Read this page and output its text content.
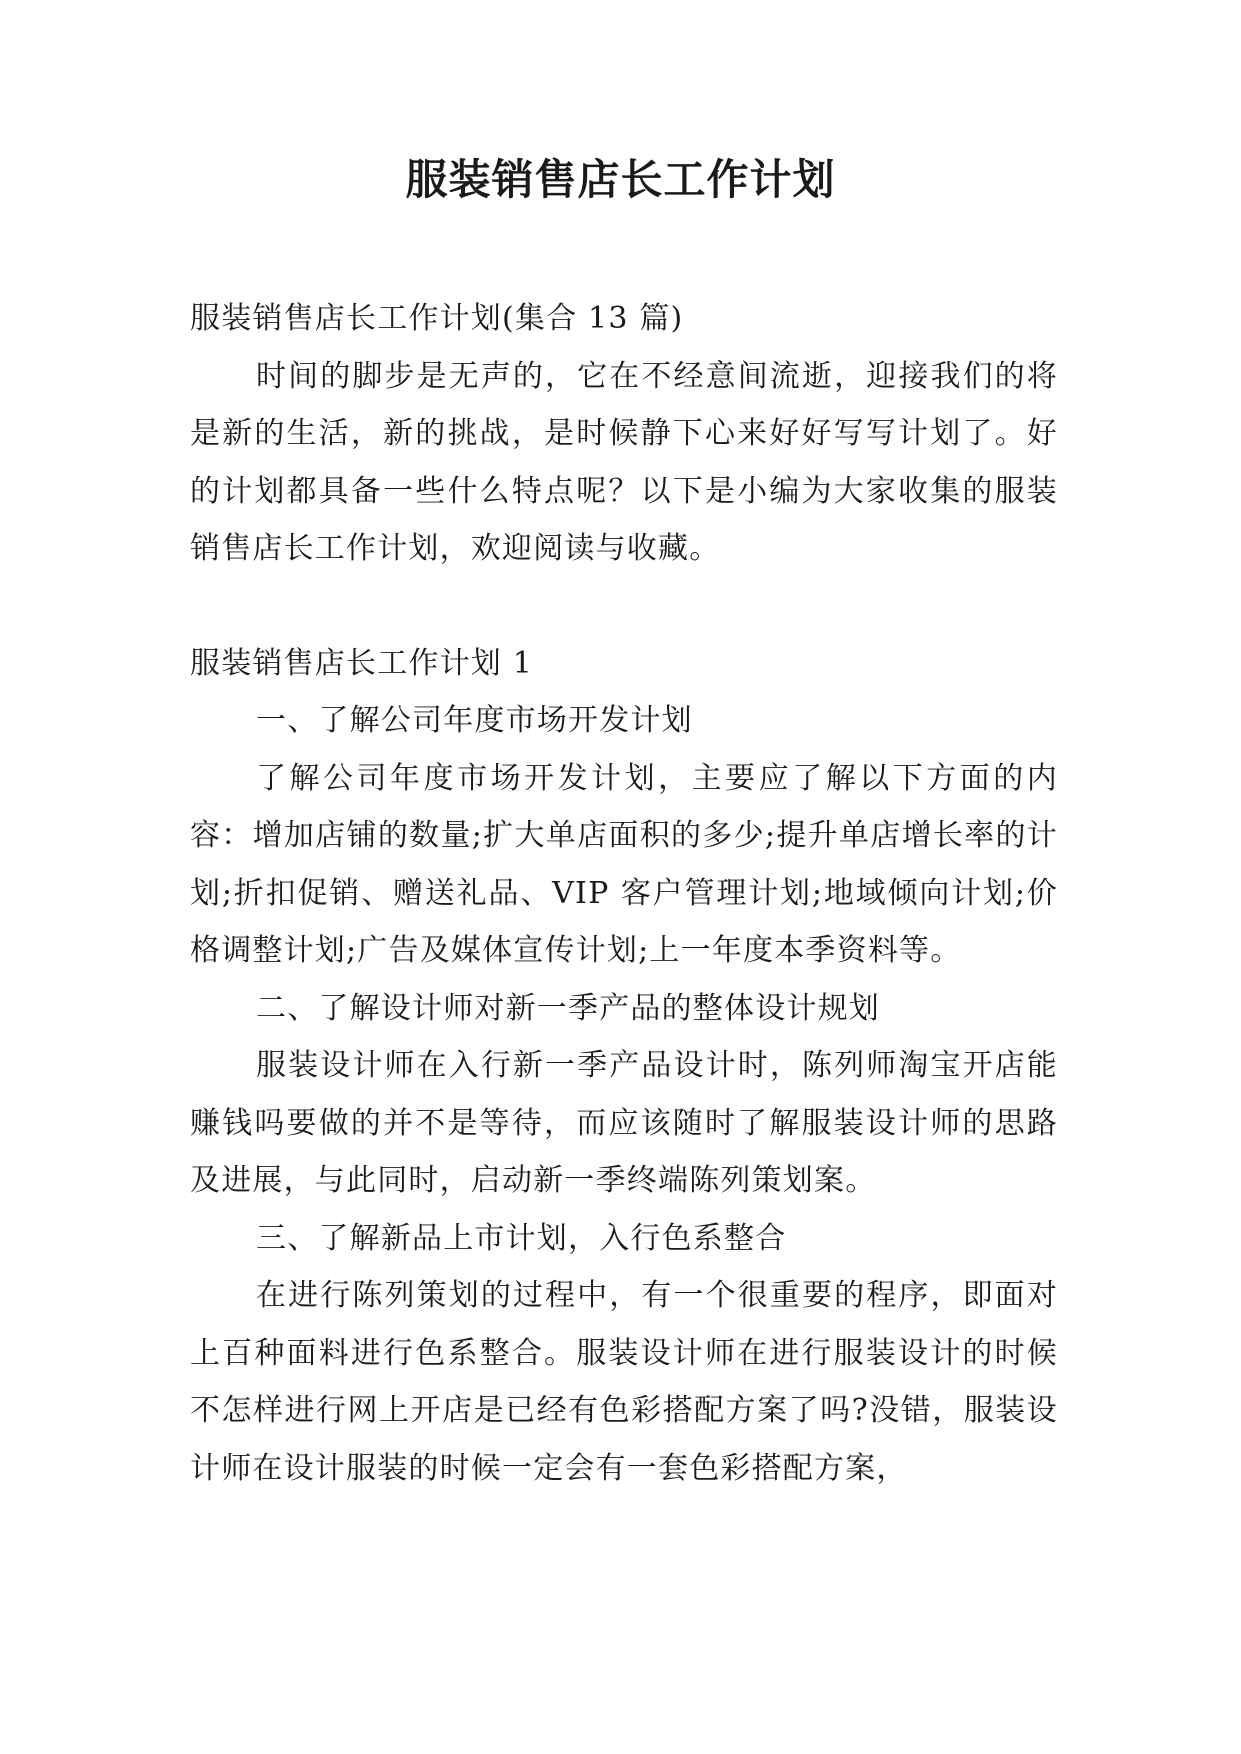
服装销售店长工作计划

服装销售店长工作计划(集合 13 篇)

时间的脚步是无声的，它在不经意间流逝，迎接我们的将是新的生活，新的挑战，是时候静下心来好好写写计划了。好的计划都具备一些什么特点呢？以下是小编为大家收集的服装销售店长工作计划，欢迎阅读与收藏。

服装销售店长工作计划 1

一、了解公司年度市场开发计划

了解公司年度市场开发计划，主要应了解以下方面的内容：增加店铺的数量;扩大单店面积的多少;提升单店增长率的计划;折扣促销、赠送礼品、VIP 客户管理计划;地域倾向计划;价格调整计划;广告及媒体宣传计划;上一年度本季资料等。

二、了解设计师对新一季产品的整体设计规划

服装设计师在入行新一季产品设计时，陈列师淘宝开店能赚钱吗要做的并不是等待，而应该随时了解服装设计师的思路及进展，与此同时，启动新一季终端陈列策划案。

三、了解新品上市计划，入行色系整合

在进行陈列策划的过程中，有一个很重要的程序，即面对上百种面料进行色系整合。服装设计师在进行服装设计的时候不怎样进行网上开店是已经有色彩搭配方案了吗?没错，服装设计师在设计服装的时候一定会有一套色彩搭配方案，
